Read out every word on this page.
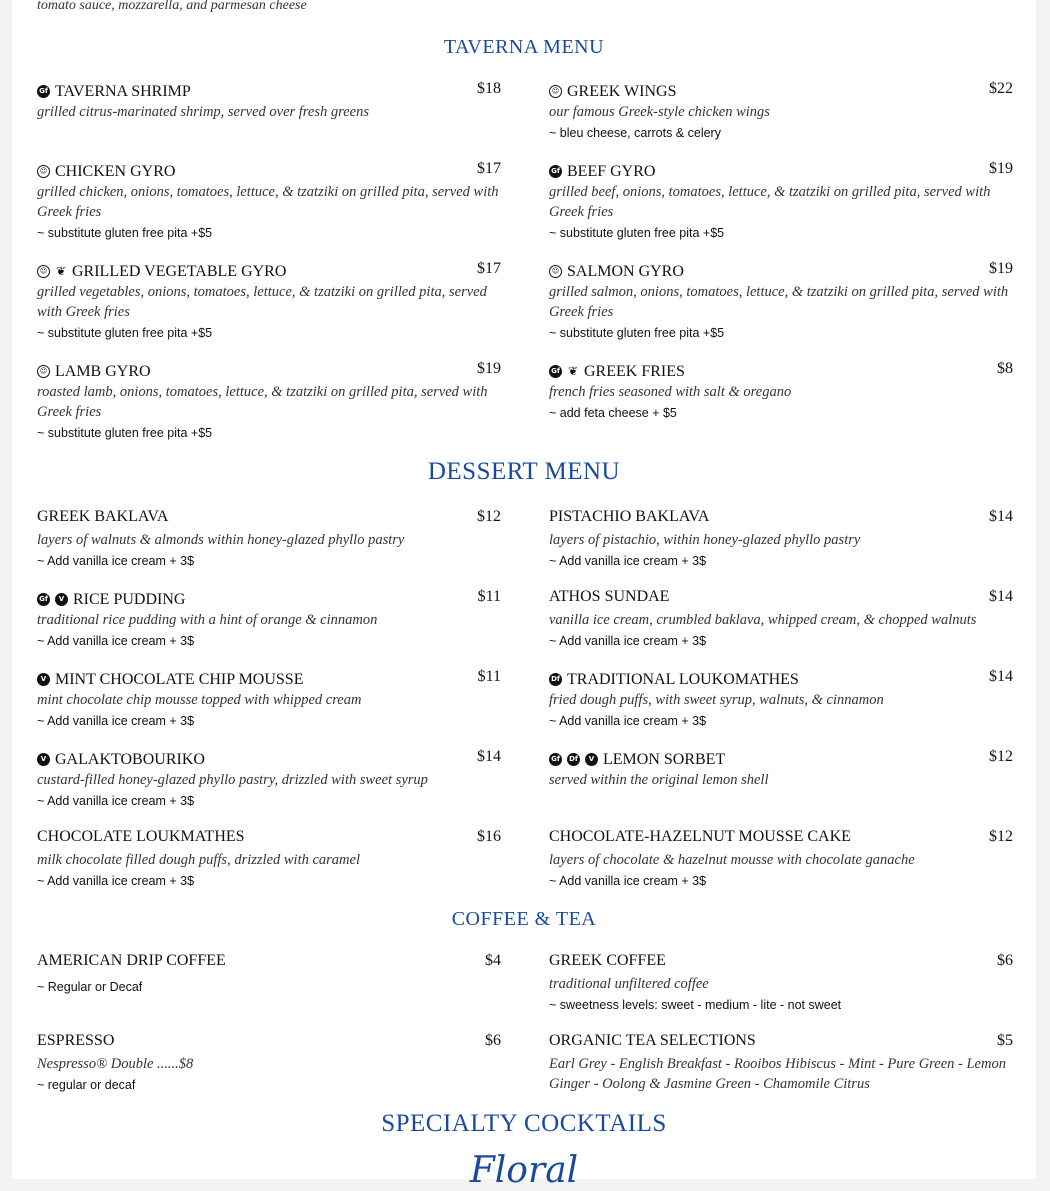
tomato sauce, mozzarella, and parmesan cheese
TAVERNA MENU
Gf TAVERNA SHRIMP	$18
grilled citrus-marinated shrimp, served over fresh greens
☺ GREEK WINGS	$22
our famous Greek-style chicken wings
~ bleu cheese, carrots & celery
☺ CHICKEN GYRO	$17
grilled chicken, onions, tomatoes, lettuce, & tzatziki on grilled pita, served with Greek fries
~ substitute gluten free pita +$5
Gf BEEF GYRO	$19
grilled beef, onions, tomatoes, lettuce, & tzatziki on grilled pita, served with Greek fries
~ substitute gluten free pita +$5
☺ ❦ GRILLED VEGETABLE GYRO	$17
grilled vegetables, onions, tomatoes, lettuce, & tzatziki on grilled pita, served with Greek fries
~ substitute gluten free pita +$5
☺ SALMON GYRO	$19
grilled salmon, onions, tomatoes, lettuce, & tzatziki on grilled pita, served with Greek fries
~ substitute gluten free pita +$5
☺ LAMB GYRO	$19
roasted lamb, onions, tomatoes, lettuce, & tzatziki on grilled pita, served with Greek fries
~ substitute gluten free pita +$5
Gf ❦ GREEK FRIES	$8
french fries seasoned with salt & oregano
~ add feta cheese + $5
DESSERT MENU
GREEK BAKLAVA	$12
layers of walnuts & almonds within honey-glazed phyllo pastry
~ Add vanilla ice cream + 3$
PISTACHIO BAKLAVA	$14
layers of pistachio, within honey-glazed phyllo pastry
~ Add vanilla ice cream + 3$
Gf	V RICE PUDDING	$11
traditional rice pudding with a hint of orange & cinnamon
~ Add vanilla ice cream + 3$
ATHOS SUNDAE	$14
vanilla ice cream, crumbled baklava, whipped cream, & chopped walnuts
~ Add vanilla ice cream + 3$
V MINT CHOCOLATE CHIP MOUSSE	$11
mint chocolate chip mousse topped with whipped cream
~ Add vanilla ice cream + 3$
Df TRADITIONAL LOUKOMATHES	$14
fried dough puffs, with sweet syrup, walnuts, & cinnamon
~ Add vanilla ice cream + 3$
V GALAKTOBOURIKO	$14
custard-filled honey-glazed phyllo pastry, drizzled with sweet syrup
~ Add vanilla ice cream + 3$
Gf	Df	V LEMON SORBET	$12
served within the original lemon shell
CHOCOLATE LOUKMATHES	$16
milk chocolate filled dough puffs, drizzled with caramel
~ Add vanilla ice cream + 3$
CHOCOLATE-HAZELNUT MOUSSE CAKE	$12
layers of chocolate & hazelnut mousse with chocolate ganache
~ Add vanilla ice cream + 3$
COFFEE & TEA
AMERICAN DRIP COFFEE	$4
~ Regular or Decaf
GREEK COFFEE	$6
traditional unfiltered coffee
~ sweetness levels: sweet - medium - lite - not sweet
ESPRESSO	$6
Nespresso® Double ......$8
~ regular or decaf
ORGANIC TEA SELECTIONS	$5
Earl Grey - English Breakfast - Rooibos Hibiscus - Mint - Pure Green - Lemon Ginger - Oolong & Jasmine Green - Chamomile Citrus
SPECIALTY COCKTAILS
Floral
